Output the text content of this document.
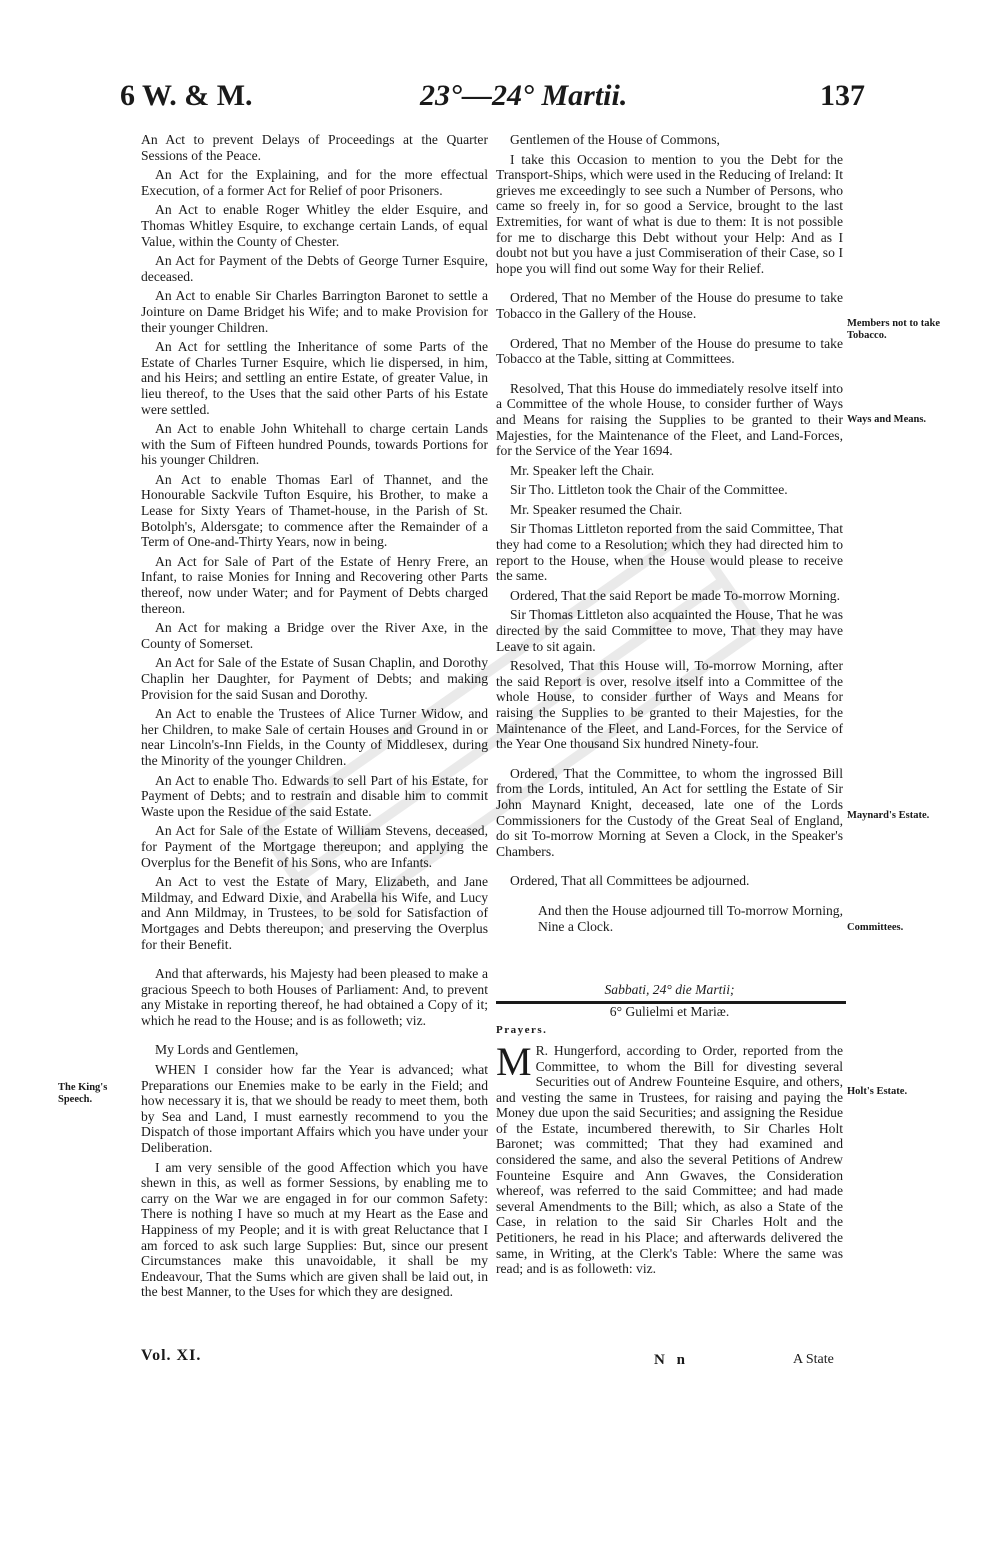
6 W. & M.	23°—24° Martii.	137

An Act to prevent Delays of Proceedings at the Quarter Sessions of the Peace.

An Act for the Explaining, and for the more effectual Execution, of a former Act for Relief of poor Prisoners.

An Act to enable Roger Whitley the elder Esquire, and Thomas Whitley Esquire, to exchange certain Lands, of equal Value, within the County of Chester.

An Act for Payment of the Debts of George Turner Esquire, deceased.

An Act to enable Sir Charles Barrington Baronet to settle a Jointure on Dame Bridget his Wife; and to make Provision for their younger Children.

An Act for settling the Inheritance of some Parts of the Estate of Charles Turner Esquire, which lie dispersed, in him, and his Heirs; and settling an entire Estate, of greater Value, in lieu thereof, to the Uses that the said other Parts of his Estate were settled.

An Act to enable John Whitehall to charge certain Lands with the Sum of Fifteen hundred Pounds, towards Portions for his younger Children.

An Act to enable Thomas Earl of Thannet, and the Honourable Sackvile Tufton Esquire, his Brother, to make a Lease for Sixty Years of Thamet-house, in the Parish of St. Botolph's, Aldersgate; to commence after the Remainder of a Term of One-and-Thirty Years, now in being.

An Act for Sale of Part of the Estate of Henry Frere, an Infant, to raise Monies for Inning and Recovering other Parts thereof, now under Water; and for Payment of Debts charged thereon.

An Act for making a Bridge over the River Axe, in the County of Somerset.

An Act for Sale of the Estate of Susan Chaplin, and Dorothy Chaplin her Daughter, for Payment of Debts; and making Provision for the said Susan and Dorothy.

An Act to enable the Trustees of Alice Turner Widow, and her Children, to make Sale of certain Houses and Ground in or near Lincoln's-Inn Fields, in the County of Middlesex, during the Minority of the younger Children.

An Act to enable Tho. Edwards to sell Part of his Estate, for Payment of Debts; and to restrain and disable him to commit Waste upon the Residue of the said Estate.

An Act for Sale of the Estate of William Stevens, deceased, for Payment of the Mortgage thereupon; and applying the Overplus for the Benefit of his Sons, who are Infants.

An Act to vest the Estate of Mary, Elizabeth, and Jane Mildmay, and Edward Dixie, and Arabella his Wife, and Lucy and Ann Mildmay, in Trustees, to be sold for Satisfaction of Mortgages and Debts thereupon; and preserving the Overplus for their Benefit.

And that afterwards, his Majesty had been pleased to make a gracious Speech to both Houses of Parliament: And, to prevent any Mistake in reporting thereof, he had obtained a Copy of it; which he read to the House; and is as followeth; viz.

My Lords and Gentlemen,

WHEN I consider how far the Year is advanced; what Preparations our Enemies make to be early in the Field; and how necessary it is, that we should be ready to meet them, both by Sea and Land, I must earnestly recommend to you the Dispatch of those important Affairs which you have under your Deliberation.

I am very sensible of the good Affection which you have shewn in this, as well as former Sessions, by enabling me to carry on the War we are engaged in for our common Safety: There is nothing I have so much at my Heart as the Ease and Happiness of my People; and it is with great Reluctance that I am forced to ask such large Supplies: But, since our present Circumstances make this unavoidable, it shall be my Endeavour, That the Sums which are given shall be laid out, in the best Manner, to the Uses for which they are designed.

The King's Speech.

Gentlemen of the House of Commons,

I take this Occasion to mention to you the Debt for the Transport-Ships, which were used in the Reducing of Ireland: It grieves me exceedingly to see such a Number of Persons, who came so freely in, for so good a Service, brought to the last Extremities, for want of what is due to them: It is not possible for me to discharge this Debt without your Help: And as I doubt not but you have a just Commiseration of their Case, so I hope you will find out some Way for their Relief.

Ordered, That no Member of the House do presume to take Tobacco in the Gallery of the House.

Ordered, That no Member of the House do presume to take Tobacco at the Table, sitting at Committees.

Resolved, That this House do immediately resolve itself into a Committee of the whole House, to consider further of Ways and Means for raising the Supplies to be granted to their Majesties, for the Maintenance of the Fleet, and Land-Forces, for the Service of the Year 1694.

Mr. Speaker left the Chair.

Sir Tho. Littleton took the Chair of the Committee.

Mr. Speaker resumed the Chair.

Sir Thomas Littleton reported from the said Committee, That they had come to a Resolution; which they had directed him to report to the House, when the House would please to receive the same.

Ordered, That the said Report be made To-morrow Morning.

Sir Thomas Littleton also acquainted the House, That he was directed by the said Committee to move, That they may have Leave to sit again.

Resolved, That this House will, To-morrow Morning, after the said Report is over, resolve itself into a Committee of the whole House, to consider further of Ways and Means for raising the Supplies to be granted to their Majesties, for the Maintenance of the Fleet, and Land-Forces, for the Service of the Year One thousand Six hundred Ninety-four.

Ordered, That the Committee, to whom the ingrossed Bill from the Lords, intituled, An Act for settling the Estate of Sir John Maynard Knight, deceased, late one of the Lords Commissioners for the Custody of the Great Seal of England, do sit To-morrow Morning at Seven a Clock, in the Speaker's Chambers.

Ordered, That all Committees be adjourned.

And then the House adjourned till To-morrow Morning, Nine a Clock.

Sabbati, 24° die Martii;

6° Gulielmi et Mariæ.

Prayers.

M R. Hungerford, according to Order, reported from the Committee, to whom the Bill for divesting several Securities out of Andrew Founteine Esquire, and others, and vesting the same in Trustees, for raising and paying the Money due upon the said Securities; and assigning the Residue of the Estate, incumbered therewith, to Sir Charles Holt Baronet; was committed; That they had examined and considered the same, and also the several Petitions of Andrew Founteine Esquire and Ann Gwaves, the Consideration whereof, was referred to the said Committee; and had made several Amendments to the Bill; which, as also a State of the Case, in relation to the said Sir Charles Holt and the Petitioners, he read in his Place; and afterwards delivered the same, in Writing, at the Clerk's Table: Where the same was read; and is as followeth: viz.

Members not to take Tobacco.
Ways and Means.
Maynard's Estate.
Committees.
Holt's Estate.
Vol. XI.	N n	A State
